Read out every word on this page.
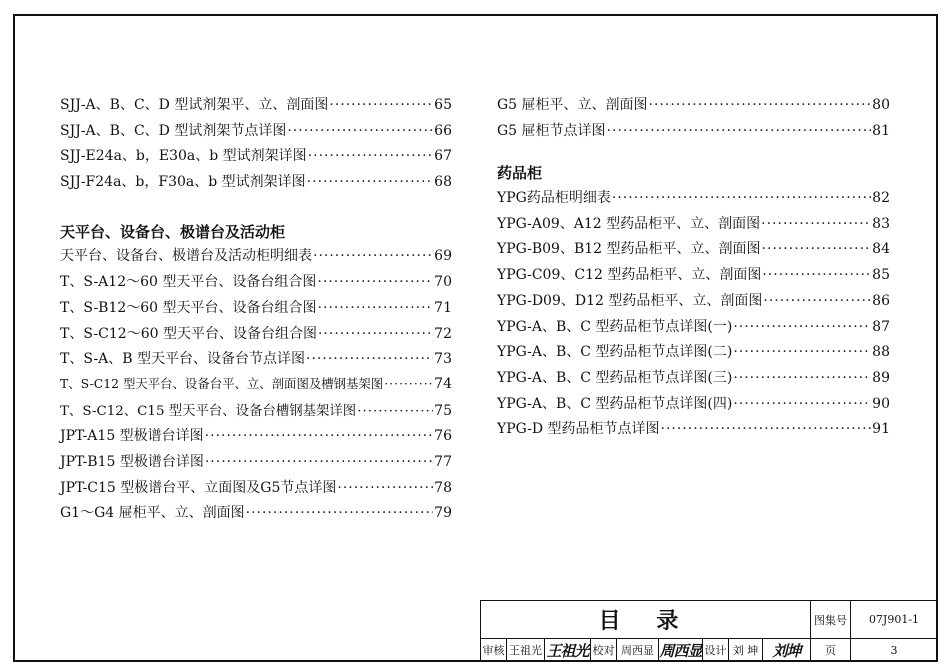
SJJ-A、B、C、D 型试剂架平、立、剖面图 ·····	65
SJJ-A、B、C、D 型试剂架节点详图 ·····	66
SJJ-E24a、b，E30a、b 型试剂架详图 ·····	67
SJJ-F24a、b，F30a、b 型试剂架详图 ·····	68
天平台、设备台、极谱台及活动柜
天平台、设备台、极谱台及活动柜明细表 ·····	69
T、S-A12～60 型天平台、设备台组合图 ·····	70
T、S-B12～60 型天平台、设备台组合图 ·····	71
T、S-C12～60 型天平台、设备台组合图 ·····	72
T、S-A、B 型天平台、设备台节点详图 ·····	73
T、S-C12 型天平台、设备台平、立、剖面图及槽钢基架图 ·····	74
T、S-C12、C15 型天平台、设备台槽钢基架详图 ·····	75
JPT-A15 型极谱台详图 ·····	76
JPT-B15 型极谱台详图 ·····	77
JPT-C15 型极谱台平、立面图及G5节点详图 ·····	78
G1～G4 屉柜平、立、剖面图 ·····	79
G5 屉柜平、立、剖面图 ·····	80
G5 屉柜节点详图 ·····	81
药品柜
YPG药品柜明细表 ·····	82
YPG-A09、A12 型药品柜平、立、剖面图 ·····	83
YPG-B09、B12 型药品柜平、立、剖面图 ·····	84
YPG-C09、C12 型药品柜平、立、剖面图 ·····	85
YPG-D09、D12 型药品柜平、立、剖面图 ·····	86
YPG-A、B、C 型药品柜节点详图(一) ·····	87
YPG-A、B、C 型药品柜节点详图(二) ·····	88
YPG-A、B、C 型药品柜节点详图(三) ·····	89
YPG-A、B、C 型药品柜节点详图(四) ·····	90
YPG-D 型药品柜节点详图 ·····	91
目 录	图集号	07J901-1
审核 王祖光 王祖光 校对 周西显 周西显 设计 刘 坤 刘坤	页	3
